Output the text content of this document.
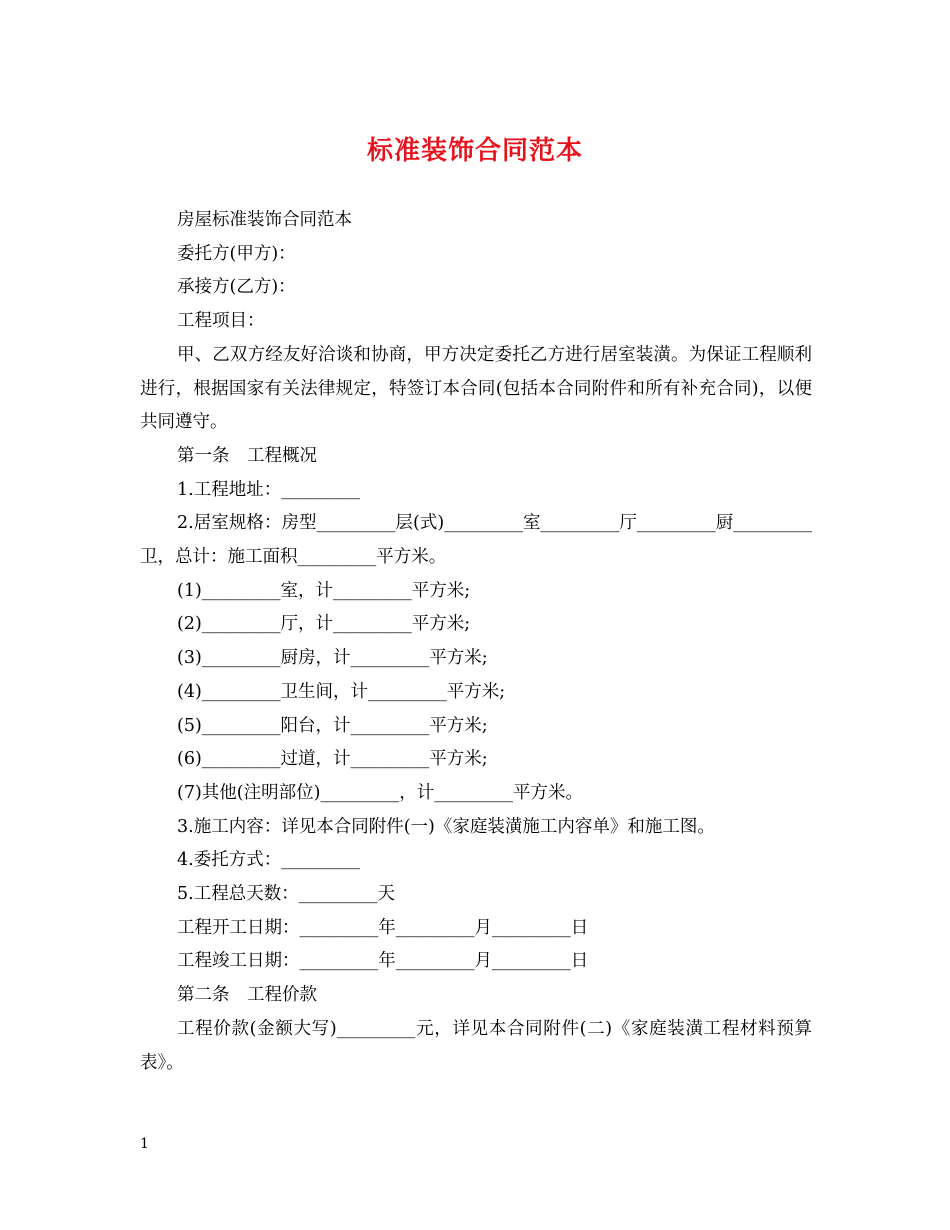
标准装饰合同范本

房屋标准装饰合同范本

委托方(甲方)：

承接方(乙方)：

工程项目：

甲、乙双方经友好洽谈和协商，甲方决定委托乙方进行居室装潢。为保证工程顺利进行，根据国家有关法律规定，特签订本合同(包括本合同附件和所有补充合同)，以便共同遵守。

第一条　工程概况

1.工程地址：_________

2.居室规格：房型_________层(式)_________室_________厅_________厨_________卫，总计：施工面积_________平方米。

(1)_________室，计_________平方米;

(2)_________厅，计_________平方米;

(3)_________厨房，计_________平方米;

(4)_________卫生间，计_________平方米;

(5)_________阳台，计_________平方米;

(6)_________过道，计_________平方米;

(7)其他(注明部位)_________，计_________平方米。

3.施工内容：详见本合同附件(一)《家庭装潢施工内容单》和施工图。

4.委托方式：_________

5.工程总天数：_________天

工程开工日期：_________年_________月_________日

工程竣工日期：_________年_________月_________日

第二条　工程价款

工程价款(金额大写)_________元，详见本合同附件(二)《家庭装潢工程材料预算表》。

1
